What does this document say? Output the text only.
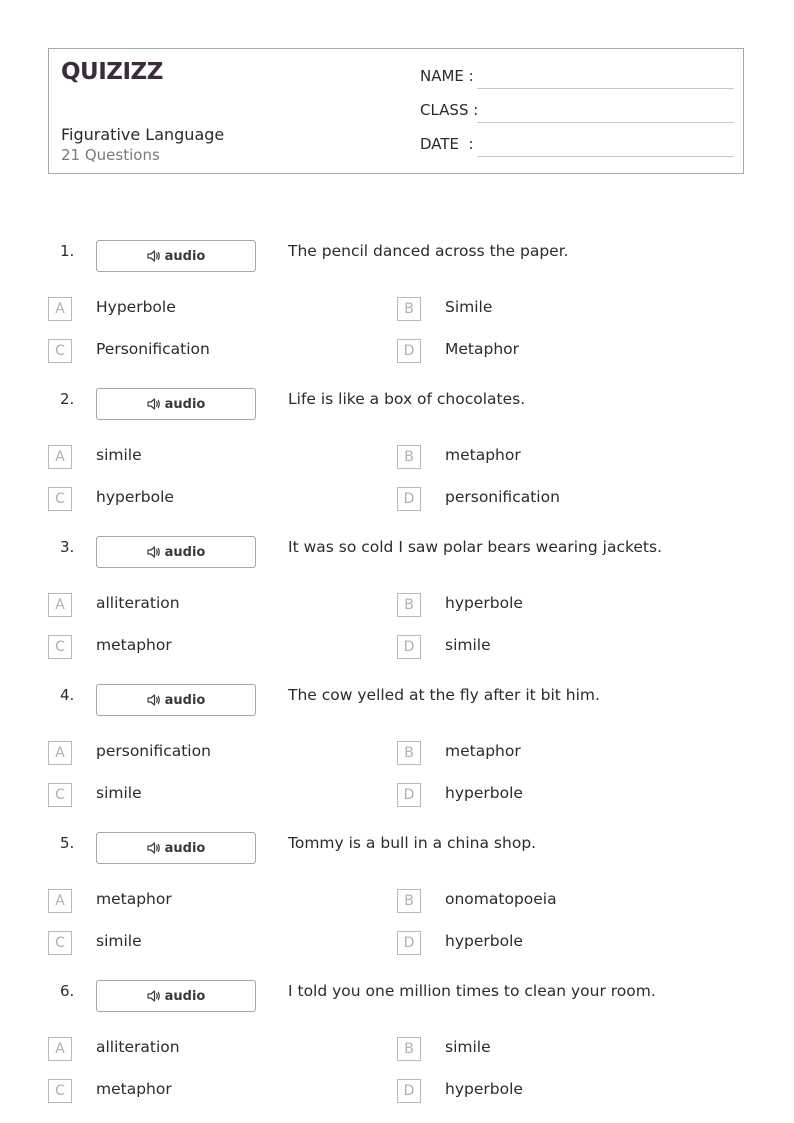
QUIZIZZ
Figurative Language
21 Questions
NAME :
CLASS :
DATE  :
1.	audio	The pencil danced across the paper.
A	Hyperbole	B	Simile
C	Personification	D	Metaphor
2.	audio	Life is like a box of chocolates.
A	simile	B	metaphor
C	hyperbole	D	personification
3.	audio	It was so cold I saw polar bears wearing jackets.
A	alliteration	B	hyperbole
C	metaphor	D	simile
4.	audio	The cow yelled at the fly after it bit him.
A	personification	B	metaphor
C	simile	D	hyperbole
5.	audio	Tommy is a bull in a china shop.
A	metaphor	B	onomatopoeia
C	simile	D	hyperbole
6.	audio	I told you one million times to clean your room.
A	alliteration	B	simile
C	metaphor	D	hyperbole
